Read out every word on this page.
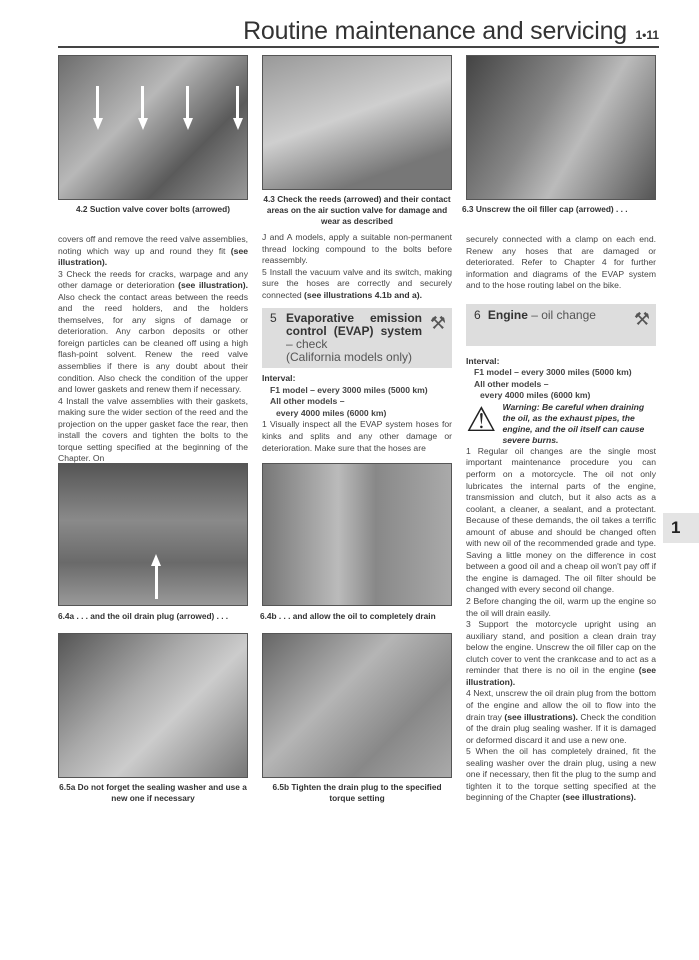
Routine maintenance and servicing 1•11
4.2 Suction valve cover bolts (arrowed)
4.3 Check the reeds (arrowed) and their contact areas on the air suction valve for damage and wear as described
6.3 Unscrew the oil filler cap (arrowed) . . .

covers off and remove the reed valve assemblies, noting which way up and round they fit (see illustration).

3 Check the reeds for cracks, warpage and any other damage or deterioration (see illustration). Also check the contact areas between the reeds and the reed holders, and the holders themselves, for any signs of damage or deterioration. Any carbon deposits or other foreign particles can be cleaned off using a high flash-point solvent. Renew the reed valve assemblies if there is any doubt about their condition. Also check the condition of the upper and lower gaskets and renew them if necessary.

4 Install the valve assemblies with their gaskets, making sure the wider section of the reed and the projection on the upper gasket face the rear, then install the covers and tighten the bolts to the torque setting specified at the beginning of the Chapter. On

J and A models, apply a suitable non-permanent thread locking compound to the bolts before reassembly.

5 Install the vacuum valve and its switch, making sure the hoses are correctly and securely connected (see illustrations 4.1b and a).

5 Evaporative emission control (EVAP) system – check
(California models only)
⚒

Interval:

F1 model – every 3000 miles (5000 km)

All other models –

every 4000 miles (6000 km)

1 Visually inspect all the EVAP system hoses for kinks and splits and any other damage or deterioration. Make sure that the hoses are

securely connected with a clamp on each end. Renew any hoses that are damaged or deteriorated. Refer to Chapter 4 for further information and diagrams of the EVAP system and to the hose routing label on the bike.

6 Engine – oil change ⚒

Interval:

F1 model – every 3000 miles (5000 km)

All other models –

every 4000 miles (6000 km)

⚠ Warning: Be careful when draining the oil, as the exhaust pipes, the engine, and the oil itself can cause severe burns.

1 Regular oil changes are the single most important maintenance procedure you can perform on a motorcycle. The oil not only lubricates the internal parts of the engine, transmission and clutch, but it also acts as a coolant, a cleaner, a sealant, and a protectant. Because of these demands, the oil takes a terrific amount of abuse and should be changed often with new oil of the recommended grade and type. Saving a little money on the difference in cost between a good oil and a cheap oil won't pay off if the engine is damaged. The oil filter should be changed with every second oil change.

2 Before changing the oil, warm up the engine so the oil will drain easily.

3 Support the motorcycle upright using an auxiliary stand, and position a clean drain tray below the engine. Unscrew the oil filler cap on the clutch cover to vent the crankcase and to act as a reminder that there is no oil in the engine (see illustration).

4 Next, unscrew the oil drain plug from the bottom of the engine and allow the oil to flow into the drain tray (see illustrations). Check the condition of the drain plug sealing washer. If it is damaged or deformed discard it and use a new one.

5 When the oil has completely drained, fit the sealing washer over the drain plug, using a new one if necessary, then fit the plug to the sump and tighten it to the torque setting specified at the beginning of the Chapter (see illustrations).

6.4a . . . and the oil drain plug (arrowed) . . .	6.4b . . . and allow the oil to completely drain
6.5a Do not forget the sealing washer and use a new one if necessary
6.5b Tighten the drain plug to the specified torque setting
1
